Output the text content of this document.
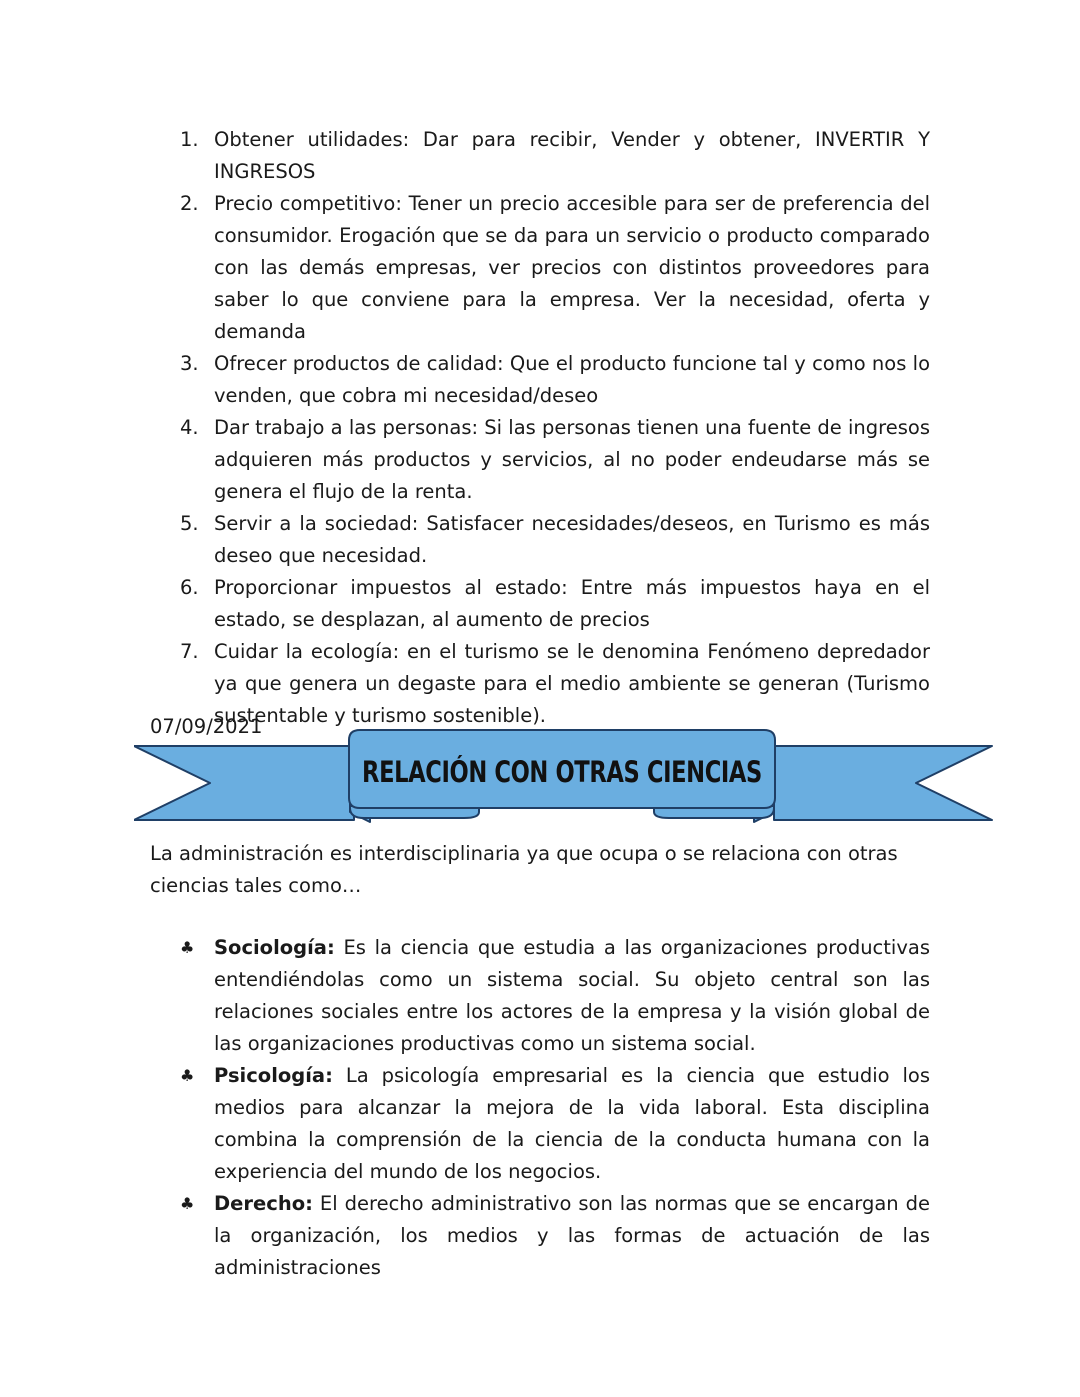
1. Obtener utilidades: Dar para recibir, Vender y obtener, INVERTIR Y INGRESOS
2. Precio competitivo: Tener un precio accesible para ser de preferencia del consumidor. Erogación que se da para un servicio o producto comparado con las demás empresas, ver precios con distintos proveedores para saber lo que conviene para la empresa. Ver la necesidad, oferta y demanda
3. Ofrecer productos de calidad: Que el producto funcione tal y como nos lo venden, que cobra mi necesidad/deseo
4. Dar trabajo a las personas: Si las personas tienen una fuente de ingresos adquieren más productos y servicios, al no poder endeudarse más se genera el flujo de la renta.
5. Servir a la sociedad: Satisfacer necesidades/deseos, en Turismo es más deseo que necesidad.
6. Proporcionar impuestos al estado: Entre más impuestos haya en el estado, se desplazan, al aumento de precios
7. Cuidar la ecología: en el turismo se le denomina Fenómeno depredador ya que genera un degaste para el medio ambiente se generan (Turismo sustentable y turismo sostenible).
07/09/2021
RELACIÓN CON OTRAS CIENCIAS

La administración es interdisciplinaria ya que ocupa o se relaciona con otras ciencias tales como…

♣ Sociología: Es la ciencia que estudia a las organizaciones productivas entendiéndolas como un sistema social. Su objeto central son las relaciones sociales entre los actores de la empresa y la visión global de las organizaciones productivas como un sistema social.
♣ Psicología: La psicología empresarial es la ciencia que estudio los medios para alcanzar la mejora de la vida laboral. Esta disciplina combina la comprensión de la ciencia de la conducta humana con la experiencia del mundo de los negocios.
♣ Derecho: El derecho administrativo son las normas que se encargan de la organización, los medios y las formas de actuación de las administraciones
